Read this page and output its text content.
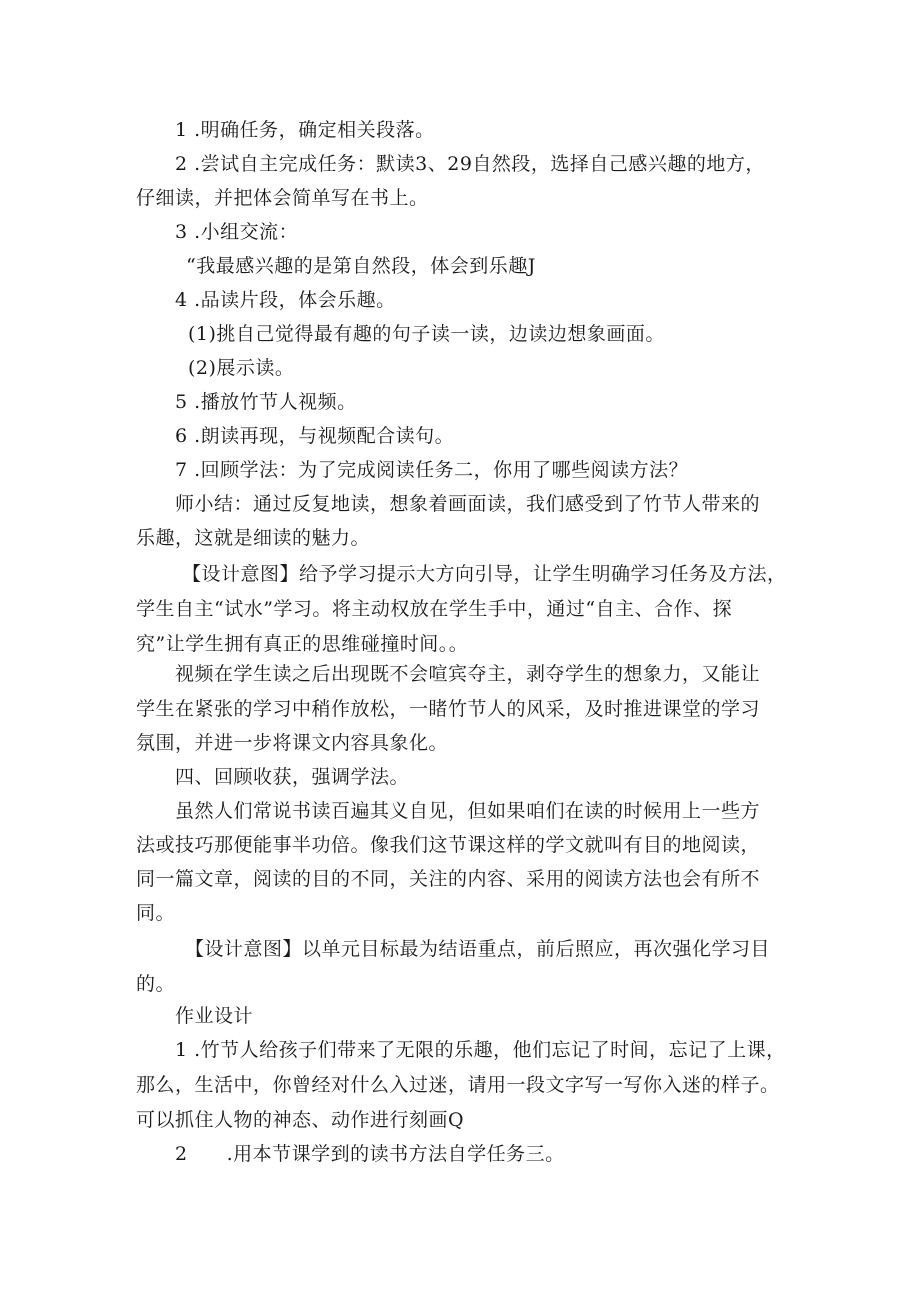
1 .明确任务，确定相关段落。
2 .尝试自主完成任务：默读3、29自然段，选择自己感兴趣的地方，
仔细读，并把体会简单写在书上。
3 .小组交流：
“我最感兴趣的是第自然段，体会到乐趣J
4 .品读片段，体会乐趣。
(1)挑自己觉得最有趣的句子读一读，边读边想象画面。
(2)展示读。
5 .播放竹节人视频。
6 .朗读再现，与视频配合读句。
7 .回顾学法：为了完成阅读任务二，你用了哪些阅读方法？
师小结：通过反复地读，想象着画面读，我们感受到了竹节人带来的
乐趣，这就是细读的魅力。
【设计意图】给予学习提示大方向引导，让学生明确学习任务及方法，
学生自主“试水”学习。将主动权放在学生手中，通过“自主、合作、探
究”让学生拥有真正的思维碰撞时间。。
视频在学生读之后出现既不会喧宾夺主，剥夺学生的想象力，又能让
学生在紧张的学习中稍作放松，一睹竹节人的风采，及时推进课堂的学习
氛围，并进一步将课文内容具象化。
四、回顾收获，强调学法。
虽然人们常说书读百遍其义自见，但如果咱们在读的时候用上一些方
法或技巧那便能事半功倍。像我们这节课这样的学文就叫有目的地阅读，
同一篇文章，阅读的目的不同，关注的内容、采用的阅读方法也会有所不
同。
【设计意图】以单元目标最为结语重点，前后照应，再次强化学习目
的。
作业设计
1 .竹节人给孩子们带来了无限的乐趣，他们忘记了时间，忘记了上课，
那么，生活中，你曾经对什么入过迷，请用一段文字写一写你入迷的样子。
可以抓住人物的神态、动作进行刻画Q
2　　.用本节课学到的读书方法自学任务三。
